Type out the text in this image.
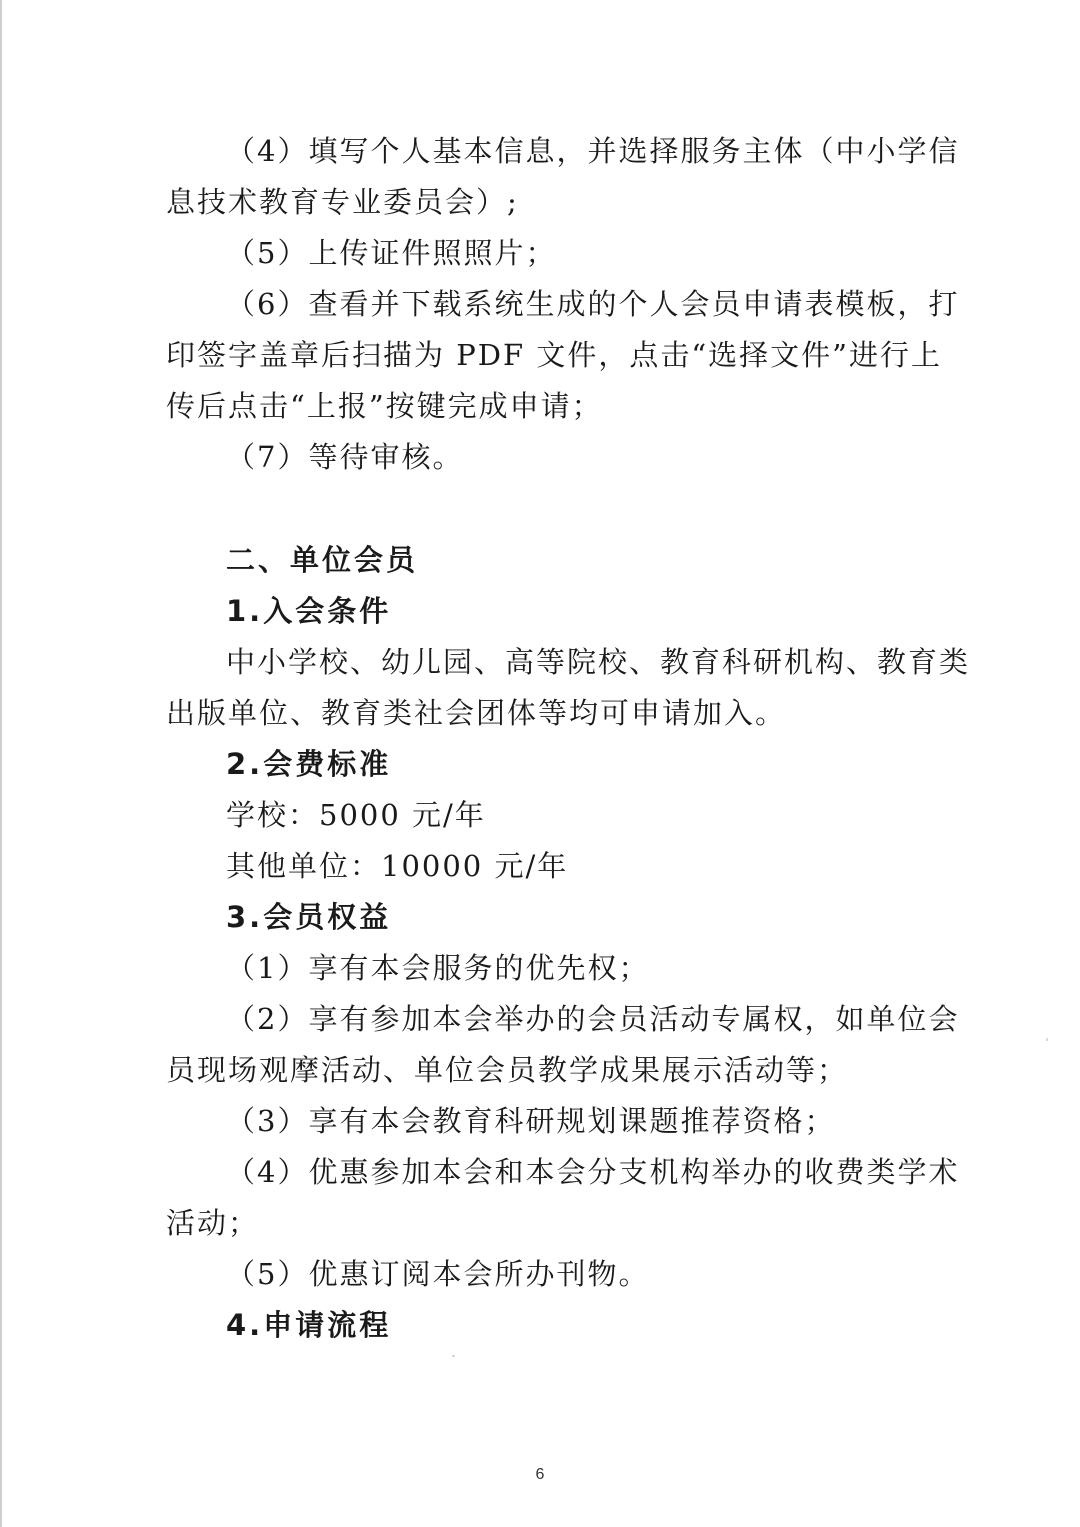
（4）填写个人基本信息，并选择服务主体（中小学信
息技术教育专业委员会）;
（5）上传证件照照片；
（6）查看并下载系统生成的个人会员申请表模板，打
印签字盖章后扫描为 PDF 文件，点击“选择文件”进行上
传后点击“上报”按键完成申请；
（7）等待审核。
二、单位会员
1.入会条件
中小学校、幼儿园、高等院校、教育科研机构、教育类
出版单位、教育类社会团体等均可申请加入。
2.会费标准
学校：5000 元/年
其他单位：10000 元/年
3.会员权益
（1）享有本会服务的优先权；
（2）享有参加本会举办的会员活动专属权，如单位会
员现场观摩活动、单位会员教学成果展示活动等；
（3）享有本会教育科研规划课题推荐资格；
（4）优惠参加本会和本会分支机构举办的收费类学术
活动；
（5）优惠订阅本会所办刊物。
4.申请流程
6
